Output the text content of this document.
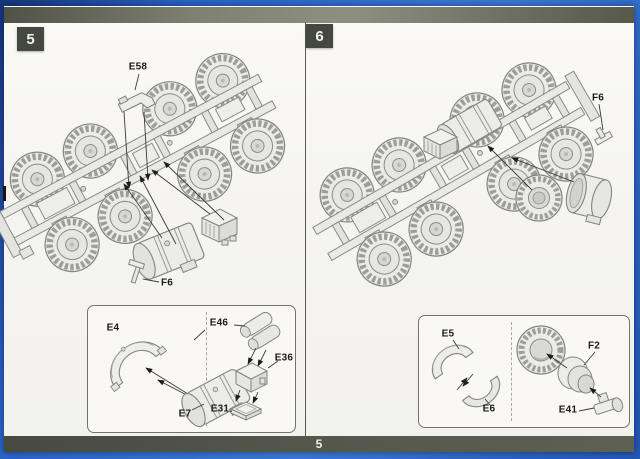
5	6
E58
F6
F6
E4
E7
E46
E36
E31
E5
E6
F2
E41
5
